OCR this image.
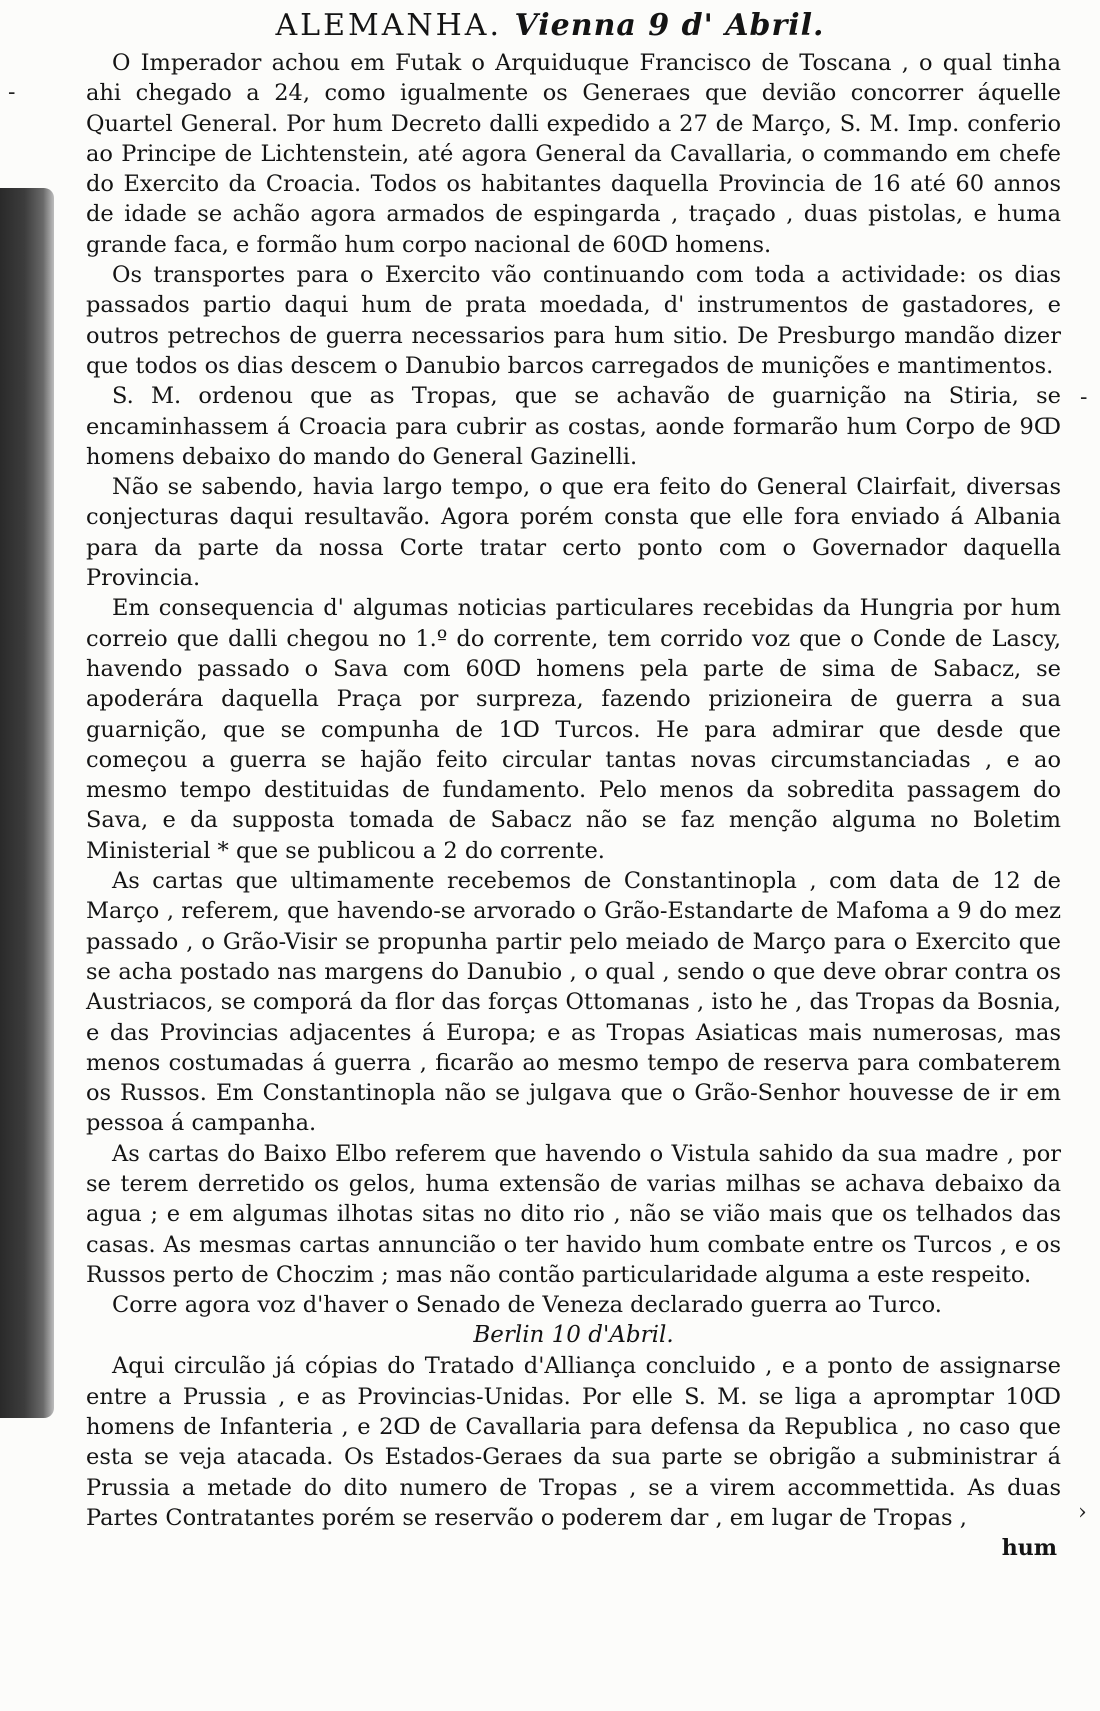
-
-
›
ALEMANHA. Vienna 9 d' Abril.

O Imperador achou em Futak o Arquiduque Francisco de Toscana , o qual tinha ahi chegado a 24, como igualmente os Generaes que devião concorrer áquelle Quartel General. Por hum Decreto dalli expedido a 27 de Março, S. M. Imp. conferio ao Principe de Lichtenstein, até agora General da Cavallaria, o commando em chefe do Exercito da Croacia. Todos os habitantes daquella Provincia de 16 até 60 annos de idade se achão agora armados de espingarda , traçado , duas pistolas, e huma grande faca, e formão hum corpo nacional de 60ↀ homens.

Os transportes para o Exercito vão continuando com toda a actividade: os dias passados partio daqui hum de prata moedada, d' instrumentos de gastadores, e outros petrechos de guerra necessarios para hum sitio. De Presburgo mandão dizer que todos os dias descem o Danubio barcos carregados de munições e mantimentos.

S. M. ordenou que as Tropas, que se achavão de guarnição na Stiria, se encaminhassem á Croacia para cubrir as costas, aonde formarão hum Corpo de 9ↀ homens debaixo do mando do General Gazinelli.

Não se sabendo, havia largo tempo, o que era feito do General Clairfait, diversas conjecturas daqui resultavão. Agora porém consta que elle fora enviado á Albania para da parte da nossa Corte tratar certo ponto com o Governador daquella Provincia.

Em consequencia d' algumas noticias particulares recebidas da Hungria por hum correio que dalli chegou no 1.º do corrente, tem corrido voz que o Conde de Lascy, havendo passado o Sava com 60ↀ homens pela parte de sima de Sabacz, se apoderára daquella Praça por surpreza, fazendo prizioneira de guerra a sua guarnição, que se compunha de 1ↀ Turcos. He para admirar que desde que começou a guerra se hajão feito circular tantas novas circumstanciadas , e ao mesmo tempo destituidas de fundamento. Pelo menos da sobredita passagem do Sava, e da supposta tomada de Sabacz não se faz menção alguma no Boletim Ministerial * que se publicou a 2 do corrente.

As cartas que ultimamente recebemos de Constantinopla , com data de 12 de Março , referem, que havendo-se arvorado o Grão-Estandarte de Mafoma a 9 do mez passado , o Grão-Visir se propunha partir pelo meiado de Março para o Exercito que se acha postado nas margens do Danubio , o qual , sendo o que deve obrar contra os Austriacos, se comporá da flor das forças Ottomanas , isto he , das Tropas da Bosnia, e das Provincias adjacentes á Europa; e as Tropas Asiaticas mais numerosas, mas menos costumadas á guerra , ficarão ao mesmo tempo de reserva para combaterem os Russos. Em Constantinopla não se julgava que o Grão-Senhor houvesse de ir em pessoa á campanha.

As cartas do Baixo Elbo referem que havendo o Vistula sahido da sua madre , por se terem derretido os gelos, huma extensão de varias milhas se achava debaixo da agua ; e em algumas ilhotas sitas no dito rio , não se vião mais que os telhados das casas. As mesmas cartas annuncião o ter havido hum combate entre os Turcos , e os Russos perto de Choczim ; mas não contão particularidade alguma a este respeito.

Corre agora voz d'haver o Senado de Veneza declarado guerra ao Turco.

Berlin 10 d'Abril.

Aqui circulão já cópias do Tratado d'Alliança concluido , e a ponto de assignarse entre a Prussia , e as Provincias-Unidas. Por elle S. M. se liga a apromptar 10ↀ homens de Infanteria , e 2ↀ de Cavallaria para defensa da Republica , no caso que esta se veja atacada. Os Estados-Geraes da sua parte se obrigão a subministrar á Prussia a metade do dito numero de Tropas , se a virem accommettida. As duas Partes Contratantes porém se reservão o poderem dar , em lugar de Tropas ,

hum
